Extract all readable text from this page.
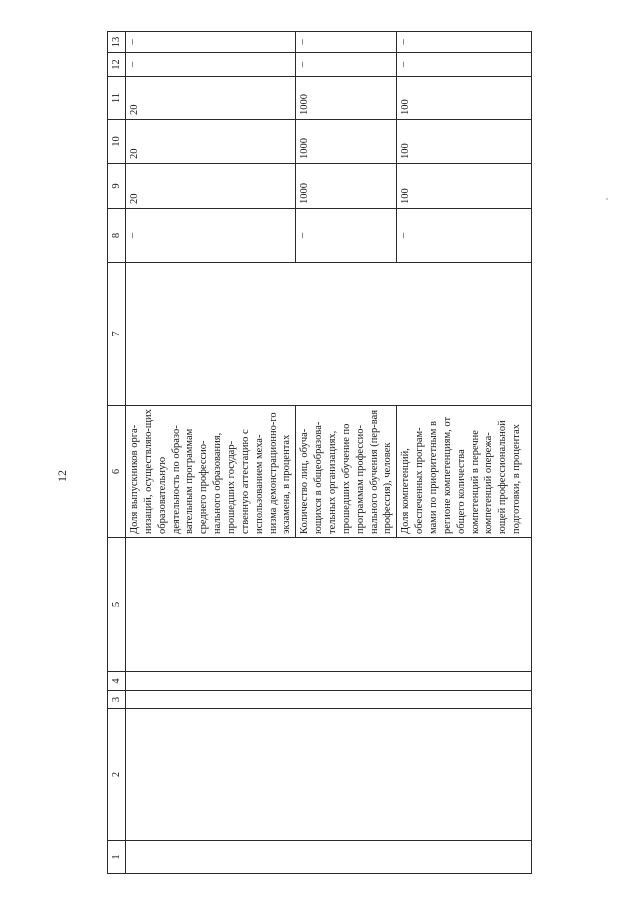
12
1	2	3	4	5	6	7	8	9	10	11	12	13
					Доля выпускников орга-низаций, осуществляю-щих образовательную деятельность по образо-вательным программам среднего профессио-нального образования, прошедших государ-ственную аттестацию с использованием меха-низма демонстрационно-го экзамена, в процентах		–	20	20	20	–	–
					Количество лиц, обуча-ющихся в общеобразова-тельных организациях, прошедших обучение по программам профессио-нального обучения (пер-вая профессия), человек		–	1000	1000	1000	–	–
					Доля компетенций, обеспеченных програм-мами по приоритетным в регионе компетенциям, от общего количества компетенций в перечне компетенций опережа-ющей профессиональной подготовки, в процентах		–	100	100	100	–	–
